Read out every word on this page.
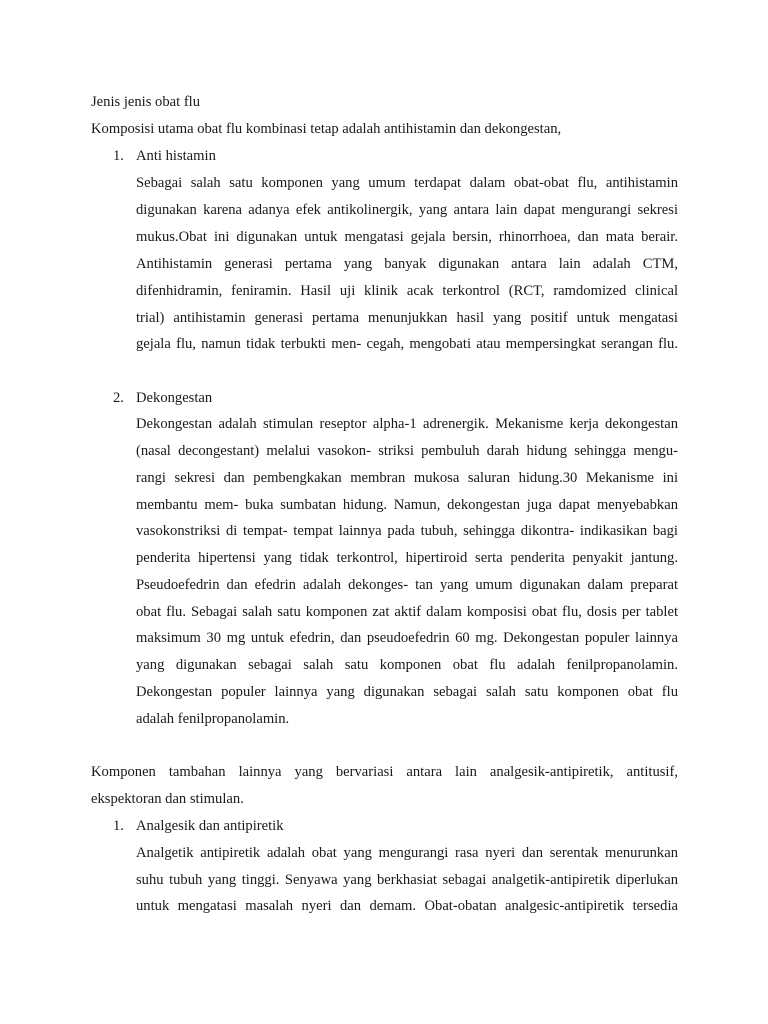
Jenis jenis obat flu
Komposisi utama obat flu kombinasi tetap adalah antihistamin dan dekongestan,
1. Anti histamin
Sebagai salah satu komponen yang umum terdapat dalam obat-obat flu, antihistamin
digunakan karena adanya efek antikolinergik, yang antara lain dapat mengurangi sekresi
mukus.Obat ini digunakan untuk mengatasi gejala bersin, rhinorrhoea, dan mata berair.
Antihistamin generasi pertama yang banyak digunakan antara lain adalah CTM,
difenhidramin, feniramin. Hasil uji klinik acak terkontrol (RCT, ramdomized clinical
trial) antihistamin generasi pertama menunjukkan hasil yang positif untuk mengatasi
gejala flu, namun tidak terbukti men- cegah, mengobati atau mempersingkat serangan flu.
2. Dekongestan
Dekongestan adalah stimulan reseptor alpha-1 adrenergik. Mekanisme kerja dekongestan
(nasal decongestant) melalui vasokon- striksi pembuluh darah hidung sehingga mengu-
rangi sekresi dan pembengkakan membran mukosa saluran hidung.30 Mekanisme ini
membantu mem- buka sumbatan hidung. Namun, dekongestan juga dapat menyebabkan
vasokonstriksi di tempat- tempat lainnya pada tubuh, sehingga dikontra- indikasikan bagi
penderita hipertensi yang tidak terkontrol, hipertiroid serta penderita penyakit jantung.
Pseudoefedrin dan efedrin adalah dekonges- tan yang umum digunakan dalam preparat
obat flu. Sebagai salah satu komponen zat aktif dalam komposisi obat flu, dosis per tablet
maksimum 30 mg untuk efedrin, dan pseudoefedrin 60 mg. Dekongestan populer lainnya
yang digunakan sebagai salah satu komponen obat flu adalah fenilpropanolamin.
Dekongestan populer lainnya yang digunakan sebagai salah satu komponen obat flu
adalah fenilpropanolamin.
Komponen tambahan lainnya yang bervariasi antara lain analgesik-antipiretik, antitusif,
ekspektoran dan stimulan.
1. Analgesik dan antipiretik
Analgetik antipiretik adalah obat yang mengurangi rasa nyeri dan serentak menurunkan
suhu tubuh yang tinggi. Senyawa yang berkhasiat sebagai analgetik-antipiretik diperlukan
untuk mengatasi masalah nyeri dan demam. Obat-obatan analgesic-antipiretik tersedia
